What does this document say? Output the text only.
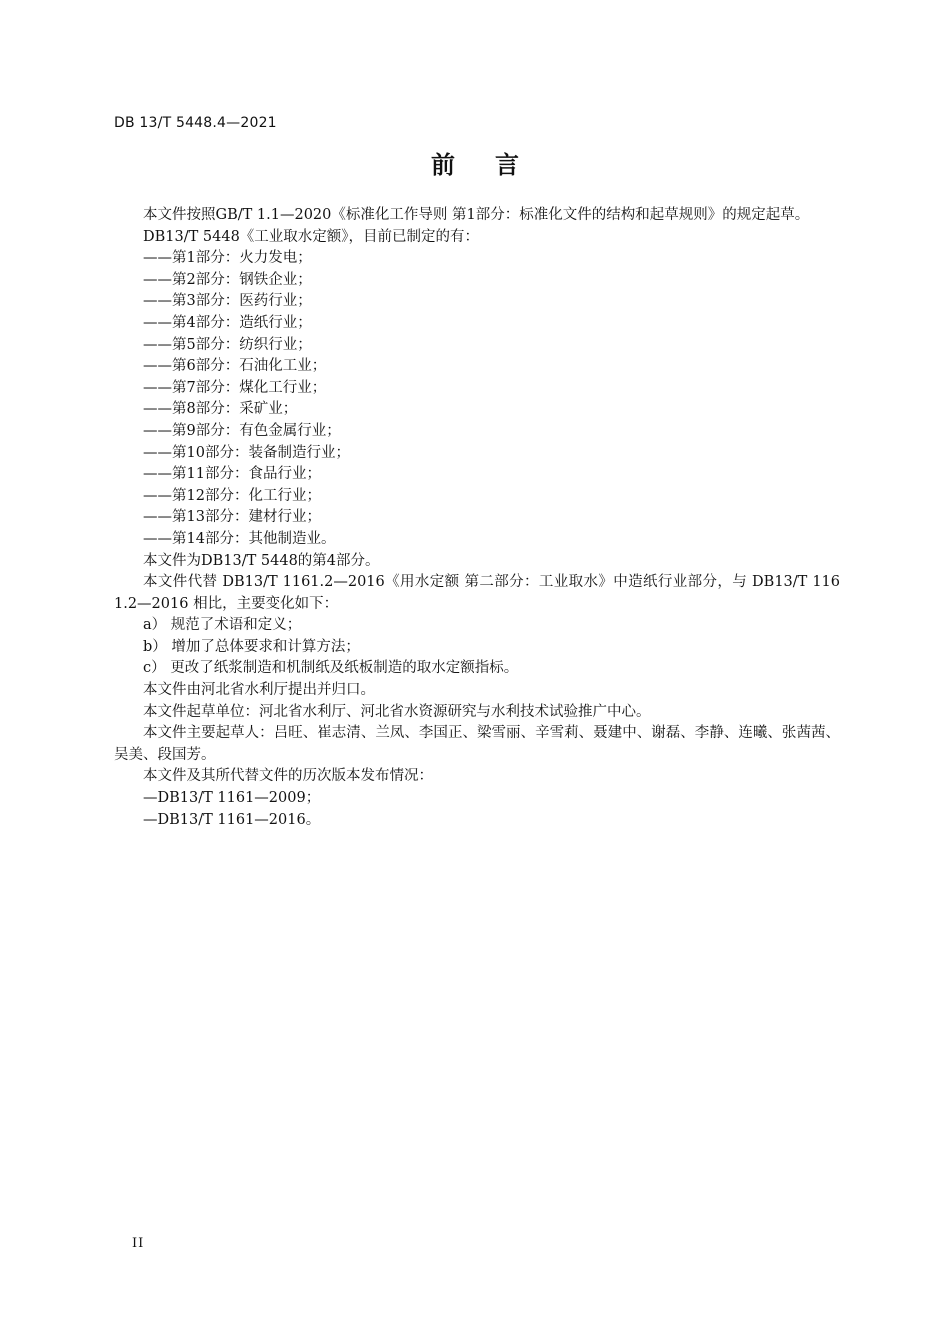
DB 13/T 5448.4—2021
前言

本文件按照GB/T 1.1—2020《标准化工作导则 第1部分：标准化文件的结构和起草规则》的规定起草。

DB13/T 5448《工业取水定额》，目前已制定的有：

——第1部分：火力发电；

——第2部分：钢铁企业；

——第3部分：医药行业；

——第4部分：造纸行业；

——第5部分：纺织行业；

——第6部分：石油化工业；

——第7部分：煤化工行业；

——第8部分：采矿业；

——第9部分：有色金属行业；

——第10部分：装备制造行业；

——第11部分：食品行业；

——第12部分：化工行业；

——第13部分：建材行业；

——第14部分：其他制造业。

本文件为DB13/T 5448的第4部分。

本文件代替 DB13/T 1161.2—2016《用水定额 第二部分：工业取水》中造纸行业部分，与 DB13/T 1161.2—2016 相比，主要变化如下：

a） 规范了术语和定义；

b） 增加了总体要求和计算方法；

c） 更改了纸浆制造和机制纸及纸板制造的取水定额指标。

本文件由河北省水利厅提出并归口。

本文件起草单位：河北省水利厅、河北省水资源研究与水利技术试验推广中心。

本文件主要起草人：吕旺、崔志清、兰凤、李国正、梁雪丽、辛雪莉、聂建中、谢磊、李静、连曦、张茜茜、吴美、段国芳。

本文件及其所代替文件的历次版本发布情况：

—DB13/T 1161—2009；

—DB13/T 1161—2016。

II
